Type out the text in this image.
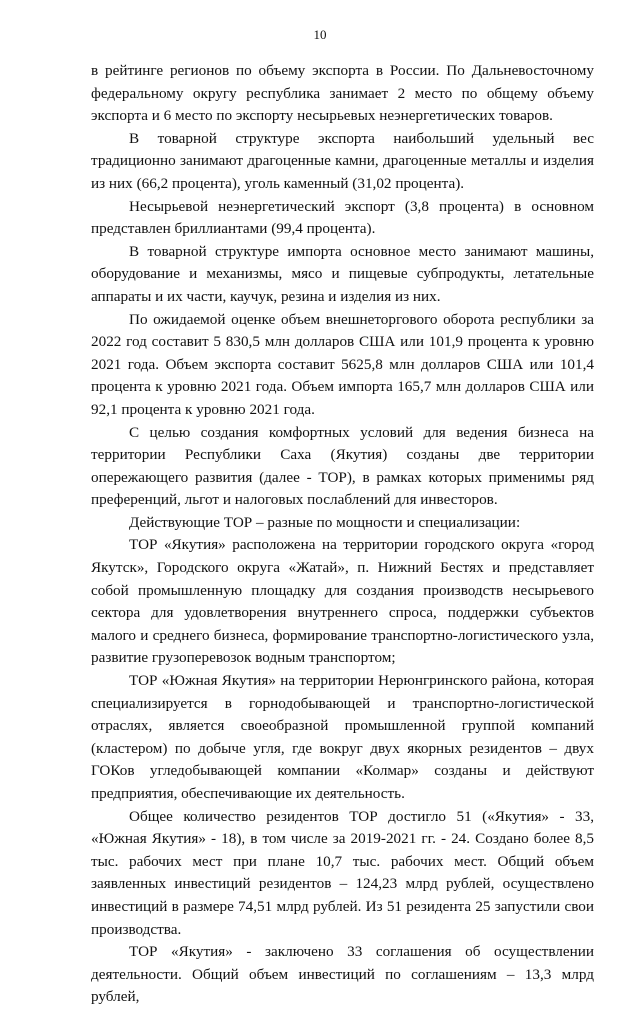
10

в рейтинге регионов по объему экспорта в России. По Дальневосточному федеральному округу республика занимает 2 место по общему объему экспорта и 6 место по экспорту несырьевых неэнергетических товаров.

В товарной структуре экспорта наибольший удельный вес традиционно занимают драгоценные камни, драгоценные металлы и изделия из них (66,2 процента), уголь каменный (31,02 процента).

Несырьевой неэнергетический экспорт (3,8 процента) в основном представлен бриллиантами (99,4 процента).

В товарной структуре импорта основное место занимают машины, оборудование и механизмы, мясо и пищевые субпродукты, летательные аппараты и их части, каучук, резина и изделия из них.

По ожидаемой оценке объем внешнеторгового оборота республики за 2022 год составит 5 830,5 млн долларов США или 101,9 процента к уровню 2021 года. Объем экспорта составит 5625,8 млн долларов США или 101,4 процента к уровню 2021 года. Объем импорта 165,7 млн долларов США или 92,1 процента к уровню 2021 года.

С целью создания комфортных условий для ведения бизнеса на территории Республики Саха (Якутия) созданы две территории опережающего развития (далее - ТОР), в рамках которых применимы ряд преференций, льгот и налоговых послаблений для инвесторов.

Действующие ТОР – разные по мощности и специализации:

ТОР «Якутия» расположена на территории городского округа «город Якутск», Городского округа «Жатай», п. Нижний Бестях и представляет собой промышленную площадку для создания производств несырьевого сектора для удовлетворения внутреннего спроса, поддержки субъектов малого и среднего бизнеса, формирование транспортно-логистического узла, развитие грузоперевозок водным транспортом;

ТОР «Южная Якутия» на территории Нерюнгринского района, которая специализируется в горнодобывающей и транспортно-логистической отраслях, является своеобразной промышленной группой компаний (кластером) по добыче угля, где вокруг двух якорных резидентов – двух ГОКов угледобывающей компании «Колмар» созданы и действуют предприятия, обеспечивающие их деятельность.

Общее количество резидентов ТОР достигло 51 («Якутия» - 33, «Южная Якутия» - 18), в том числе за 2019-2021 гг. - 24. Создано более 8,5 тыс. рабочих мест при плане 10,7 тыс. рабочих мест. Общий объем заявленных инвестиций резидентов – 124,23 млрд рублей, осуществлено инвестиций в размере 74,51 млрд рублей. Из 51 резидента 25 запустили свои производства.

ТОР «Якутия» - заключено 33 соглашения об осуществлении деятельности. Общий объем инвестиций по соглашениям – 13,3 млрд рублей,
